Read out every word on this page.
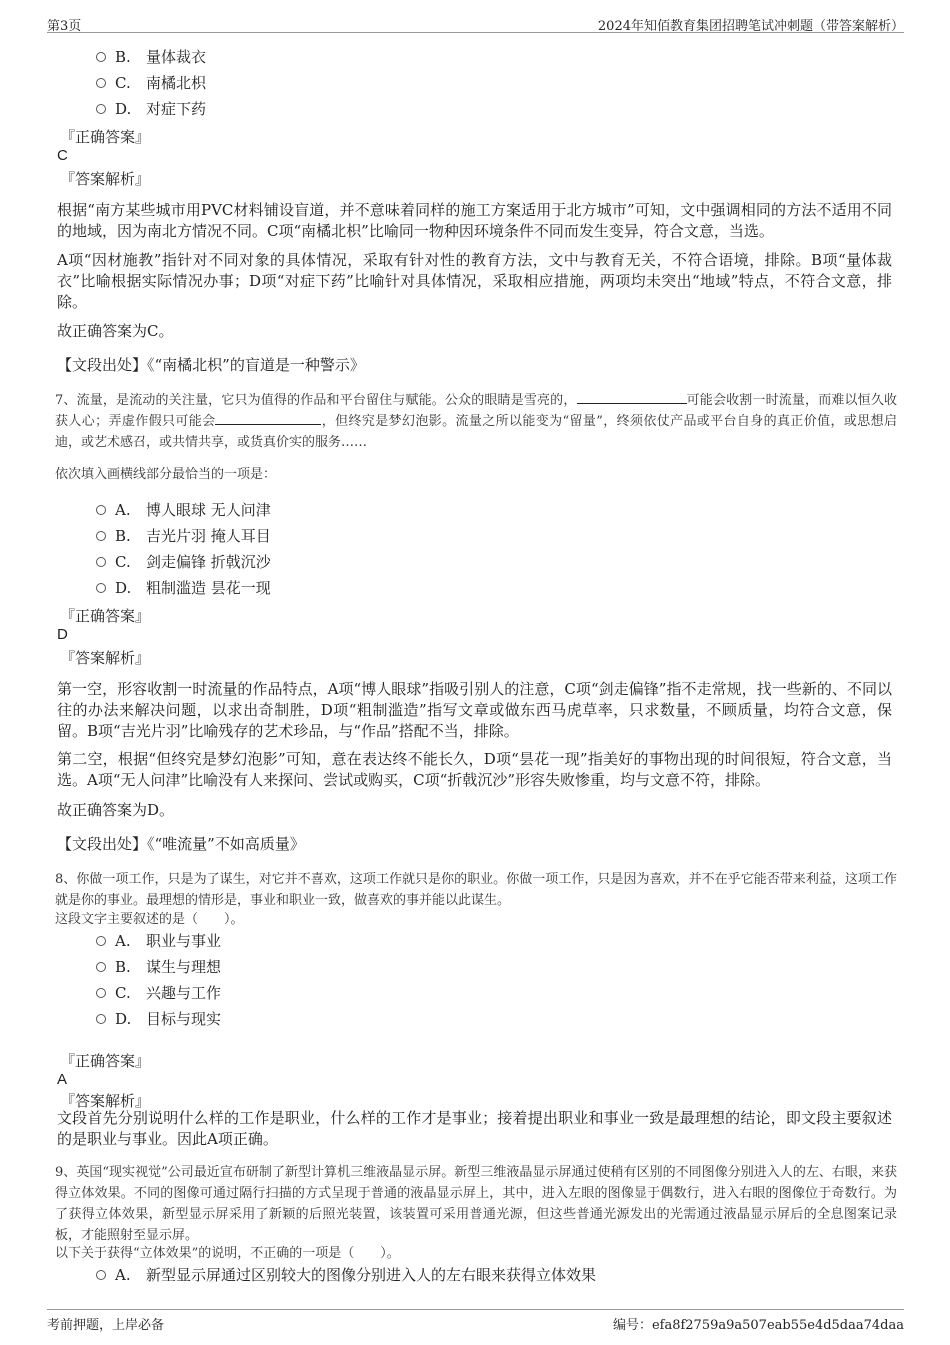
第3页	2024年知佰教育集团招聘笔试冲刺题（带答案解析）
B. 量体裁衣
C. 南橘北枳
D. 对症下药
『正确答案』
C
『答案解析』
根据“南方某些城市用PVC材料铺设盲道，并不意味着同样的施工方案适用于北方城市”可知，文中强调相同的方法不适用不同的地域，因为南北方情况不同。C项“南橘北枳”比喻同一物种因环境条件不同而发生变异，符合文意，当选。
A项“因材施教”指针对不同对象的具体情况，采取有针对性的教育方法，文中与教育无关，不符合语境，排除。B项“量体裁衣”比喻根据实际情况办事；D项“对症下药”比喻针对具体情况，采取相应措施，两项均未突出“地域”特点，不符合文意，排除。
故正确答案为C。
【文段出处】《“南橘北枳”的盲道是一种警示》
7、流量，是流动的关注量，它只为值得的作品和平台留住与赋能。公众的眼睛是雪亮的，	可能会收割一时流量，而难以恒久收获人心；弄虚作假只可能会	，但终究是梦幻泡影。流量之所以能变为“留量”，终须依仗产品或平台自身的真正价值，或思想启迪，或艺术感召，或共情共享，或货真价实的服务……
依次填入画横线部分最恰当的一项是：
A. 博人眼球 无人问津
B. 吉光片羽 掩人耳目
C. 剑走偏锋 折戟沉沙
D. 粗制滥造 昙花一现
『正确答案』
D
『答案解析』
第一空，形容收割一时流量的作品特点，A项“博人眼球”指吸引别人的注意，C项“剑走偏锋”指不走常规，找一些新的、不同以往的办法来解决问题，以求出奇制胜，D项“粗制滥造”指写文章或做东西马虎草率，只求数量，不顾质量，均符合文意，保留。B项“吉光片羽”比喻残存的艺术珍品，与“作品”搭配不当，排除。
第二空，根据“但终究是梦幻泡影”可知，意在表达终不能长久，D项“昙花一现”指美好的事物出现的时间很短，符合文意，当选。A项“无人问津”比喻没有人来探问、尝试或购买，C项“折戟沉沙”形容失败惨重，均与文意不符，排除。
故正确答案为D。
【文段出处】《“唯流量”不如高质量》
8、你做一项工作，只是为了谋生，对它并不喜欢，这项工作就只是你的职业。你做一项工作，只是因为喜欢，并不在乎它能否带来利益，这项工作就是你的事业。最理想的情形是，事业和职业一致，做喜欢的事并能以此谋生。
这段文字主要叙述的是（　　）。
A. 职业与事业
B. 谋生与理想
C. 兴趣与工作
D. 目标与现实
『正确答案』
A
『答案解析』
文段首先分别说明什么样的工作是职业，什么样的工作才是事业；接着提出职业和事业一致是最理想的结论，即文段主要叙述的是职业与事业。因此A项正确。
9、英国“现实视觉”公司最近宣布研制了新型计算机三维液晶显示屏。新型三维液晶显示屏通过使稍有区别的不同图像分别进入人的左、右眼，来获得立体效果。不同的图像可通过隔行扫描的方式呈现于普通的液晶显示屏上，其中，进入左眼的图像显于偶数行，进入右眼的图像位于奇数行。为了获得立体效果，新型显示屏采用了新颖的后照光装置，该装置可采用普通光源，但这些普通光源发出的光需通过液晶显示屏后的全息图案记录板，才能照射至显示屏。
以下关于获得“立体效果”的说明，不正确的一项是（　　）。
A. 新型显示屏通过区别较大的图像分别进入人的左右眼来获得立体效果
考前押题，上岸必备	编号：efa8f2759a9a507eab55e4d5daa74daa
